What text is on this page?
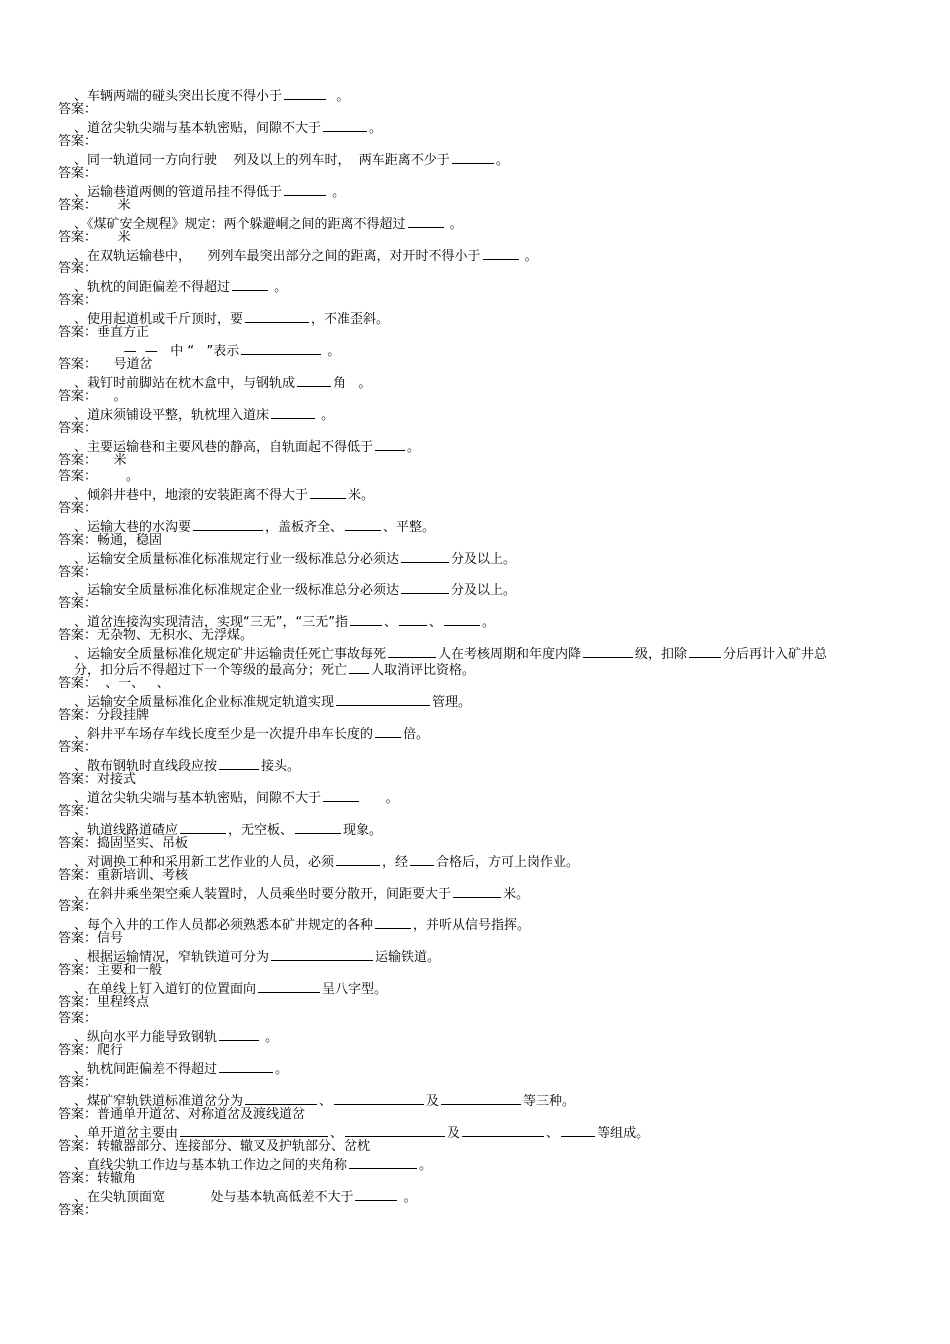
、车辆两端的碰头突出长度不得小于	。
答案：
、道岔尖轨尖端与基本轨密贴，间隙不大于	。
答案：
、同一轨道同一方向行驶    列及以上的列车时，  两车距离不少于	。
答案：
、运输巷道两侧的管道吊挂不得低于	。
答案：     米
、《煤矿安全规程》规定：两个躲避峒之间的距离不得超过	。
答案：     米
、在双轨运输巷中，    列列车最突出部分之间的距离，对开时不得小于	。
答案：
、轨枕的间距偏差不得超过	。
答案：
、使用起道机或千斤顶时，要	，不准歪斜。
答案：垂直方正
—  —   中 “   ”表示	。
答案：    号道岔
、栽钉时前脚站在枕木盒中，与钢轨成	角   。
答案：    。
、道床须铺设平整，轨枕埋入道床	。
答案：
、主要运输巷和主要风巷的静高，自轨面起不得低于	。
答案：    米
答案：       。
、倾斜井巷中，地滚的安装距离不得大于	米。
答案：
、运输大巷的水沟要	，盖板齐全、	、平整。
答案：畅通，稳固
、运输安全质量标准化标准规定行业一级标准总分必须达	分及以上。
答案：
、运输安全质量标准化标准规定企业一级标准总分必须达	分及以上。
答案：
、道岔连接沟实现清洁，实现“三无”，“三无”指	、 、	。
答案：无杂物、无积水、无浮煤。
、运输安全质量标准化规定矿井运输责任死亡事故每死	人在考核周期和年度内降	级，扣除	分后再计入矿井总
分，扣分后不得超过下一个等级的最高分；死亡 人取消评比资格。
答案：  、一、   、
、运输安全质量标准化企业标准规定轨道实现	管理。
答案：分段挂牌
、斜井平车场存车线长度至少是一次提升串车长度的 倍。
答案：
、散布钢轨时直线段应按	接头。
答案：对接式
、道岔尖轨尖端与基本轨密贴，间隙不大于	。
答案：
、轨道线路道碴应	，无空板、	现象。
答案：捣固坚实、吊板
、对调换工种和采用新工艺作业的人员，必须	，经 合格后，方可上岗作业。
答案：重新培训、考核
、在斜井乘坐架空乘人装置时，人员乘坐时要分散开，间距要大于	米。
答案：
、每个入井的工作人员都必须熟悉本矿井规定的各种	，并听从信号指挥。
答案：信号
、根据运输情况，窄轨铁道可分为	运输铁道。
答案：主要和一般
、在单线上钉入道钉的位置面向	呈八字型。
答案：里程终点
答案：
、纵向水平力能导致钢轨	。
答案：爬行
、轨枕间距偏差不得超过	。
答案：
、煤矿窄轨铁道标准道岔分为	、	及	等三种。
答案：普通单开道岔、对称道岔及渡线道岔
、单开道岔主要由	、	及	、	等组成。
答案：转辙器部分、连接部分、辙叉及护轨部分、岔枕
、直线尖轨工作边与基本轨工作边之间的夹角称	。
答案：转辙角
、在尖轨顶面宽           处与基本轨高低差不大于	。
答案：
